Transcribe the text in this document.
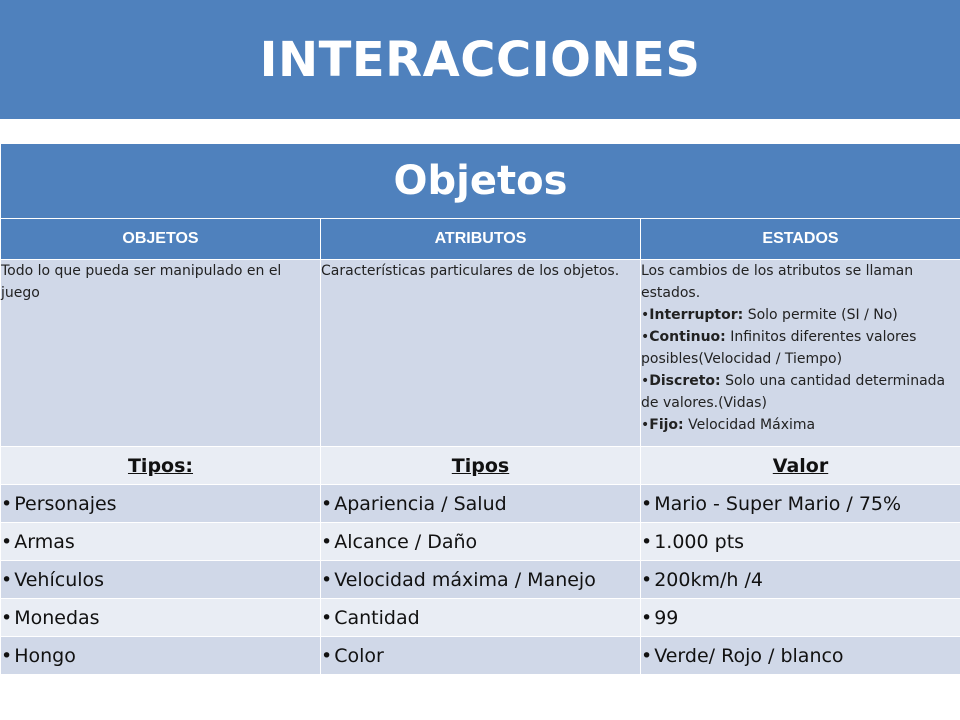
INTERACCIONES
Objetos		
OBJETOS	ATRIBUTOS	ESTADOS
Todo lo que pueda ser manipulado en el juego	Características particulares de los objetos.	Los cambios de los atributos se llaman estados.
•Interruptor: Solo permite (SI / No)
•Continuo: Infinitos diferentes valores posibles(Velocidad / Tiempo)
•Discreto: Solo una cantidad determinada de valores.(Vidas)
•Fijo: Velocidad Máxima

Tipos:	Tipos	Valor
• Personajes	• Apariencia / Salud	• Mario - Super Mario / 75%
• Armas	• Alcance / Daño	• 1.000 pts
• Vehículos	• Velocidad máxima / Manejo	• 200km/h /4
• Monedas	• Cantidad	• 99
• Hongo	• Color	• Verde/ Rojo / blanco
